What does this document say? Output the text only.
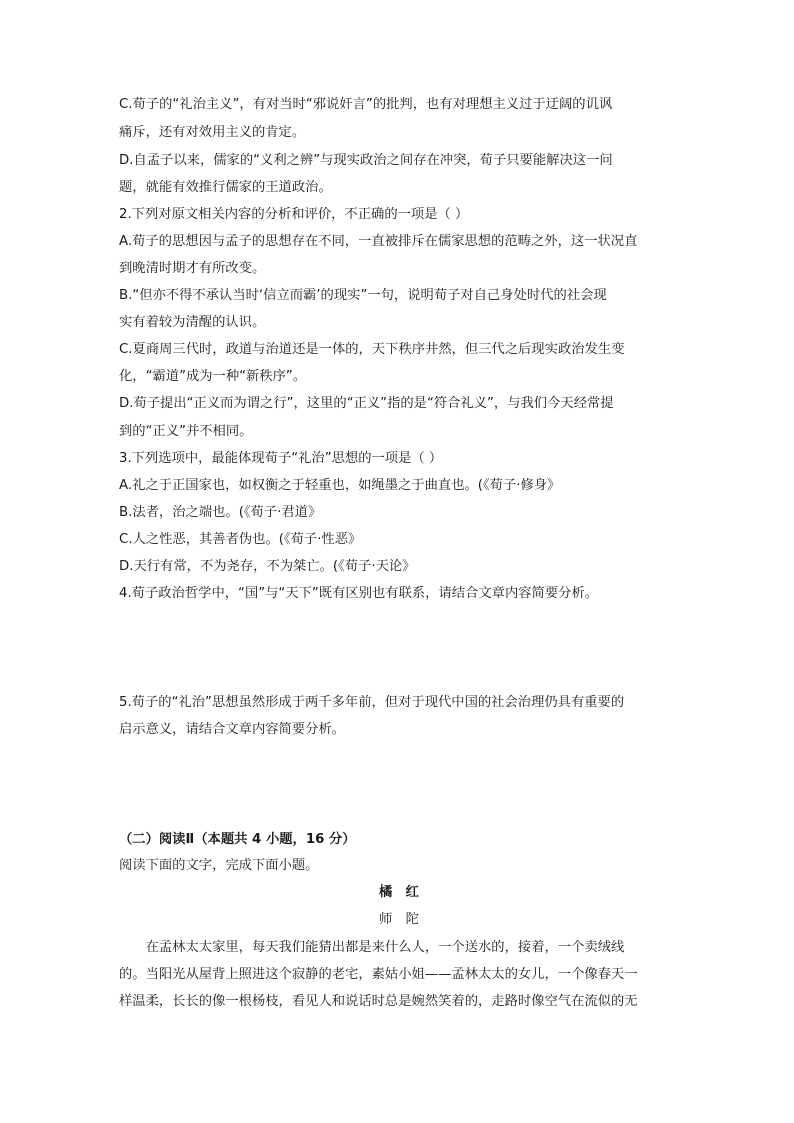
C.荀子的“礼治主义”，有对当时“邪说奸言”的批判，也有对理想主义过于迂阔的讥讽
痛斥，还有对效用主义的肯定。
D.自孟子以来，儒家的“义利之辨”与现实政治之间存在冲突，荀子只要能解决这一问
题，就能有效推行儒家的王道政治。
2.下列对原文相关内容的分析和评价，不正确的一项是（ ）
A.荀子的思想因与孟子的思想存在不同，一直被排斥在儒家思想的范畴之外，这一状况直
到晚清时期才有所改变。
B.“但亦不得不承认当时‘信立而霸’的现实”一句，说明荀子对自己身处时代的社会现
实有着较为清醒的认识。
C.夏商周三代时，政道与治道还是一体的，天下秩序井然，但三代之后现实政治发生变
化，“霸道”成为一种“新秩序”。
D.荀子提出“正义而为谓之行”，这里的“正义”指的是“符合礼义”，与我们今天经常提
到的“正义”并不相同。
3.下列选项中，最能体现荀子“礼治”思想的一项是（ ）
A.礼之于正国家也，如权衡之于轻重也，如绳墨之于曲直也。(《荀子·修身》
B.法者，治之端也。(《荀子·君道》
C.人之性恶，其善者伪也。(《荀子·性恶》
D.天行有常，不为尧存，不为桀亡。(《荀子·天论》
4.荀子政治哲学中，“国”与“天下”既有区别也有联系，请结合文章内容简要分析。
5.荀子的“礼治”思想虽然形成于两千多年前，但对于现代中国的社会治理仍具有重要的
启示意义，请结合文章内容简要分析。
（二）阅读Ⅱ（本题共 4 小题，16 分）
阅读下面的文字，完成下面小题。
橘　红
师　陀
　　在孟林太太家里，每天我们能猜出都是来什么人，一个送水的，接着，一个卖绒线
的。当阳光从屋背上照进这个寂静的老宅，素姑小姐——孟林太太的女儿，一个像春天一
样温柔，长长的像一根杨枝，看见人和说话时总是婉然笑着的，走路时像空气在流似的无
